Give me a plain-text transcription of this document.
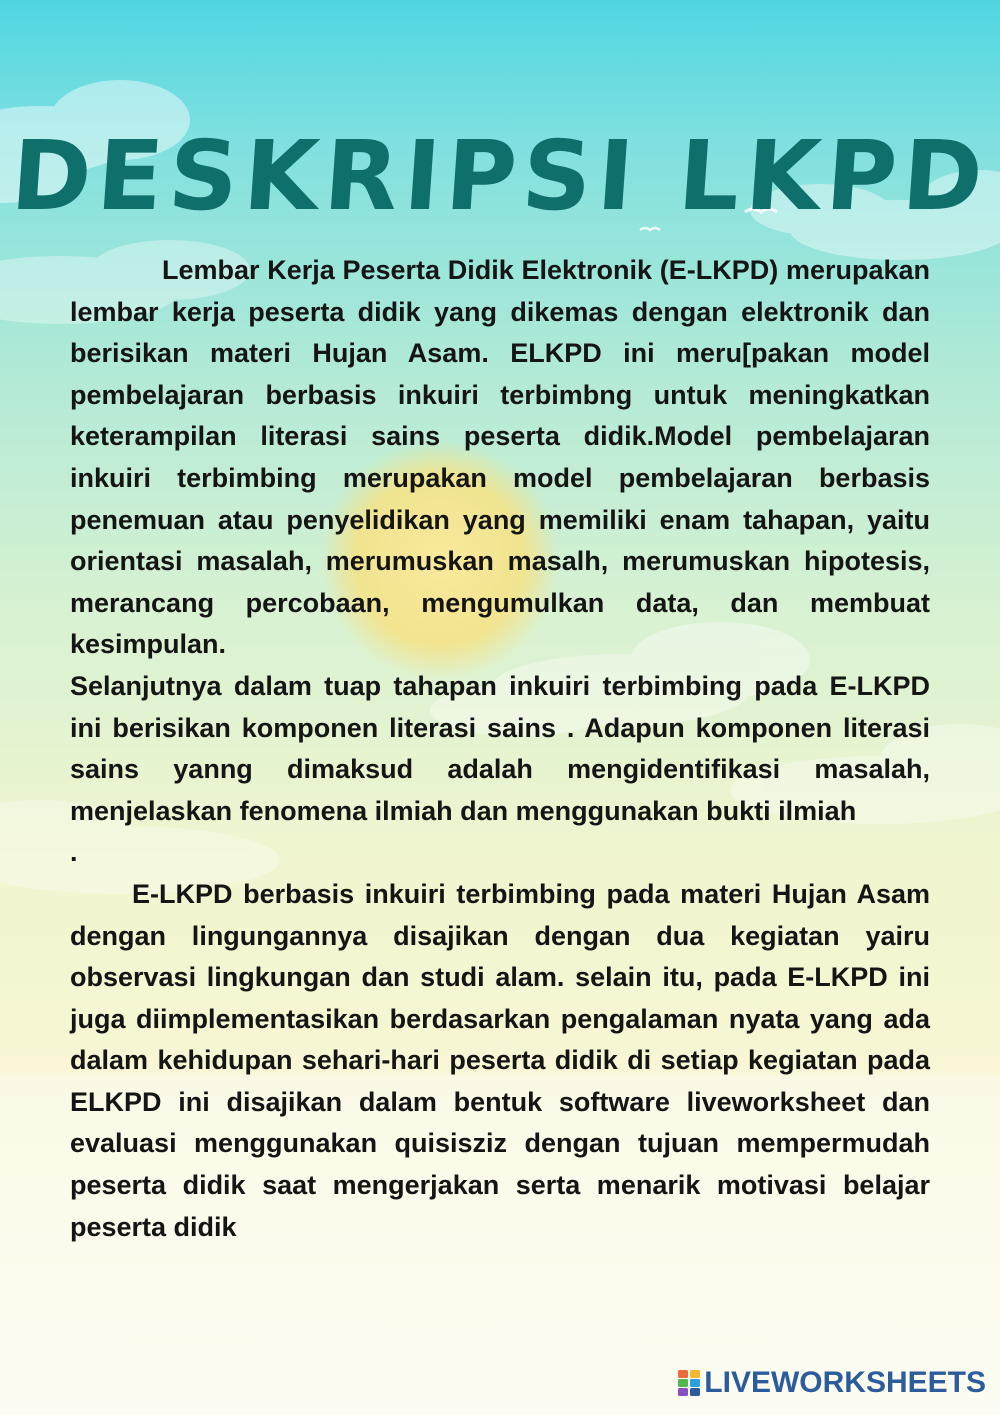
DESKRIPSI LKPD

Lembar Kerja Peserta Didik Elektronik (E-LKPD) merupakan lembar kerja peserta didik yang dikemas dengan elektronik dan berisikan materi Hujan Asam. ELKPD ini meru[pakan model pembelajaran berbasis inkuiri terbimbng untuk meningkatkan keterampilan literasi sains peserta didik.Model pembelajaran inkuiri terbimbing merupakan model pembelajaran berbasis penemuan atau penyelidikan yang memiliki enam tahapan, yaitu orientasi masalah, merumuskan masalh, merumuskan hipotesis, merancang percobaan, mengumulkan data, dan membuat kesimpulan.

Selanjutnya dalam tuap tahapan inkuiri terbimbing pada E-LKPD ini berisikan komponen literasi sains . Adapun komponen literasi sains yanng dimaksud adalah mengidentifikasi masalah, menjelaskan fenomena ilmiah dan menggunakan bukti ilmiah

.

E-LKPD berbasis inkuiri terbimbing pada materi Hujan Asam dengan lingungannya disajikan dengan dua kegiatan yairu observasi lingkungan dan studi alam. selain itu, pada E-LKPD ini juga diimplementasikan berdasarkan pengalaman nyata yang ada dalam kehidupan sehari-hari peserta didik di setiap kegiatan pada ELKPD ini disajikan dalam bentuk software liveworksheet dan evaluasi menggunakan quisisziz dengan tujuan mempermudah peserta didik saat mengerjakan serta menarik motivasi belajar peserta didik

LIVEWORKSHEETS
